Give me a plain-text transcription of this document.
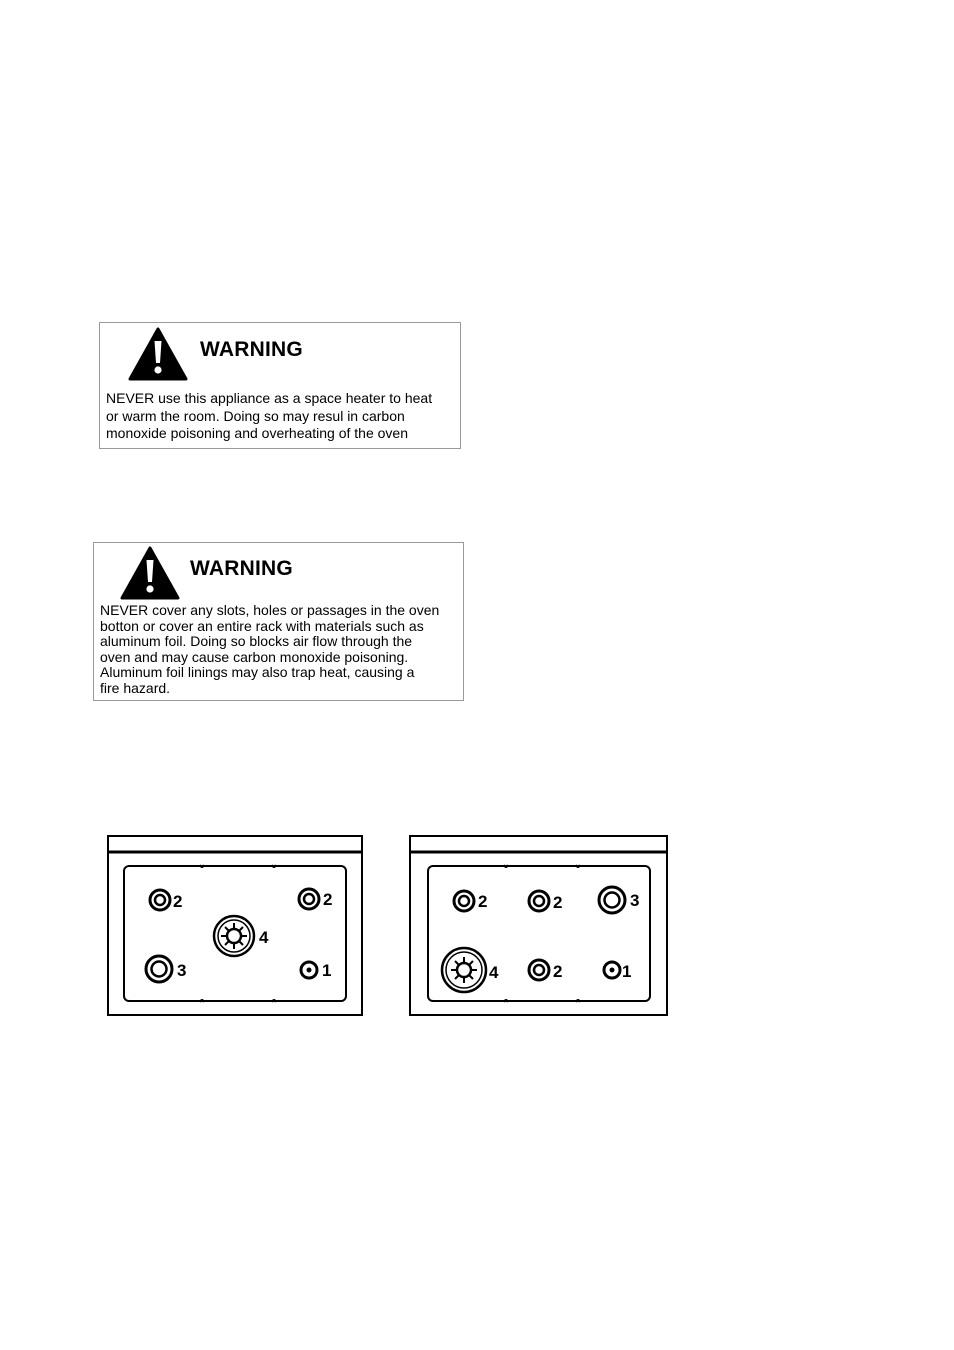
WARNING
NEVER use this appliance as a space heater to heat
or warm the room. Doing so may resul in carbon
monoxide poisoning and overheating of the oven
WARNING
NEVER cover any slots, holes or passages in the oven
botton or cover an entire rack with materials such as
aluminum foil. Doing so blocks air flow through the
oven and may cause carbon monoxide poisoning.
Aluminum foil linings may also trap heat, causing a
fire hazard.
2	2
4
3	1
2	2	3
4	2	1
